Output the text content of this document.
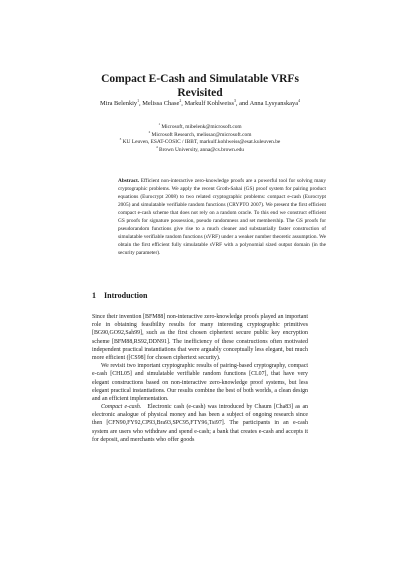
Compact E-Cash and Simulatable VRFs
Revisited
Mira Belenkiy$^1$, Melissa Chase$^2$, Markulf Kohlweiss$^3$, and Anna Lysyanskaya$^4$
$^1$ Microsoft, mibelenk@microsoft.com
$^2$ Microsoft Research, melissac@microsoft.com
$^3$ KU Leuven, ESAT-COSIC / IBBT, markulf.kohlweiss@esat.kuleuven.be
$^4$ Brown University, anna@cs.brown.edu
Abstract. Efficient non-interactive zero-knowledge proofs are a powerful tool for solving many cryptographic problems. We apply the recent Groth-Sahai (GS) proof system for pairing product equations (Eurocrypt 2008) to two related cryptographic problems: compact e-cash (Eurocrypt 2005) and simulatable verifiable random functions (CRYPTO 2007). We present the first efficient compact e-cash scheme that does not rely on a random oracle. To this end we construct efficient GS proofs for signature possession, pseudo randomness and set membership. The GS proofs for pseudorandom functions give rise to a much cleaner and substantially faster construction of simulatable verifiable random functions (sVRF) under a weaker number theoretic assumption. We obtain the first efficient fully simulatable sVRF with a polynomial sized output domain (in the security parameter).
1 Introduction

Since their invention [BFM88] non-interactive zero-knowledge proofs played an important role in obtaining feasibility results for many interesting cryptographic primitives [BG90,GO92,Sah99], such as the first chosen ciphertext secure public key encryption scheme [BFM88,RS92,DDN91]. The inefficiency of these constructions often motivated independent practical instantiations that were arguably conceptually less elegant, but much more efficient ([CS98] for chosen ciphertext security).

We revisit two important cryptographic results of pairing-based cryptography, compact e-cash [CHL05] and simulatable verifiable random functions [CL07], that have very elegant constructions based on non-interactive zero-knowledge proof systems, but less elegant practical instantiations. Our results combine the best of both worlds, a clean design and an efficient implementation.

Compact e-cash. Electronic cash (e-cash) was introduced by Chaum [Cha83] as an electronic analogue of physical money and has been a subject of ongoing research since then [CFN90,FY92,CP93,Bra93,SPC95,FTY96,Tsi97]. The participants in an e-cash system are users who withdraw and spend e-cash; a bank that creates e-cash and accepts it for deposit, and merchants who offer goods
